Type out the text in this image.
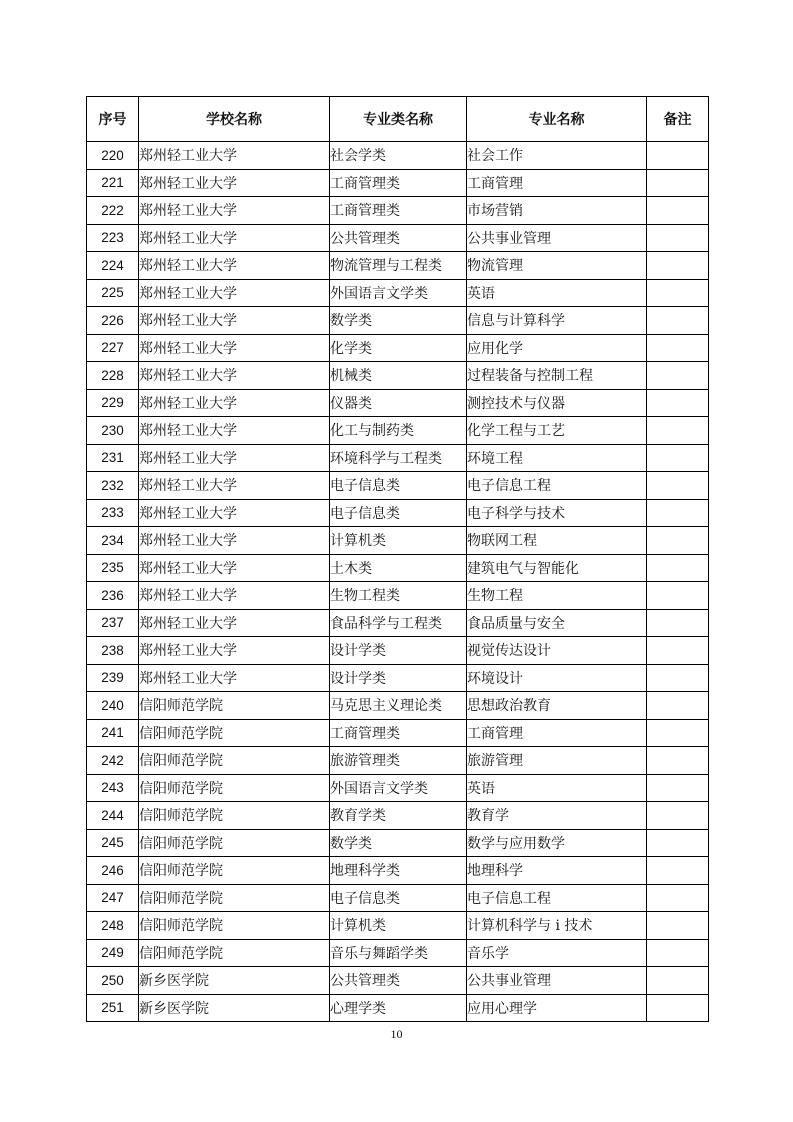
序号	学校名称	专业类名称	专业名称	备注
220	郑州轻工业大学	社会学类	社会工作	
221	郑州轻工业大学	工商管理类	工商管理	
222	郑州轻工业大学	工商管理类	市场营销	
223	郑州轻工业大学	公共管理类	公共事业管理	
224	郑州轻工业大学	物流管理与工程类	物流管理	
225	郑州轻工业大学	外国语言文学类	英语	
226	郑州轻工业大学	数学类	信息与计算科学	
227	郑州轻工业大学	化学类	应用化学	
228	郑州轻工业大学	机械类	过程装备与控制工程	
229	郑州轻工业大学	仪器类	测控技术与仪器	
230	郑州轻工业大学	化工与制药类	化学工程与工艺	
231	郑州轻工业大学	环境科学与工程类	环境工程	
232	郑州轻工业大学	电子信息类	电子信息工程	
233	郑州轻工业大学	电子信息类	电子科学与技术	
234	郑州轻工业大学	计算机类	物联网工程	
235	郑州轻工业大学	土木类	建筑电气与智能化	
236	郑州轻工业大学	生物工程类	生物工程	
237	郑州轻工业大学	食品科学与工程类	食品质量与安全	
238	郑州轻工业大学	设计学类	视觉传达设计	
239	郑州轻工业大学	设计学类	环境设计	
240	信阳师范学院	马克思主义理论类	思想政治教育	
241	信阳师范学院	工商管理类	工商管理	
242	信阳师范学院	旅游管理类	旅游管理	
243	信阳师范学院	外国语言文学类	英语	
244	信阳师范学院	教育学类	教育学	
245	信阳师范学院	数学类	数学与应用数学	
246	信阳师范学院	地理科学类	地理科学	
247	信阳师范学院	电子信息类	电子信息工程	
248	信阳师范学院	计算机类	计算机科学与 i 技术	
249	信阳师范学院	音乐与舞蹈学类	音乐学	
250	新乡医学院	公共管理类	公共事业管理	
251	新乡医学院	心理学类	应用心理学	
10
